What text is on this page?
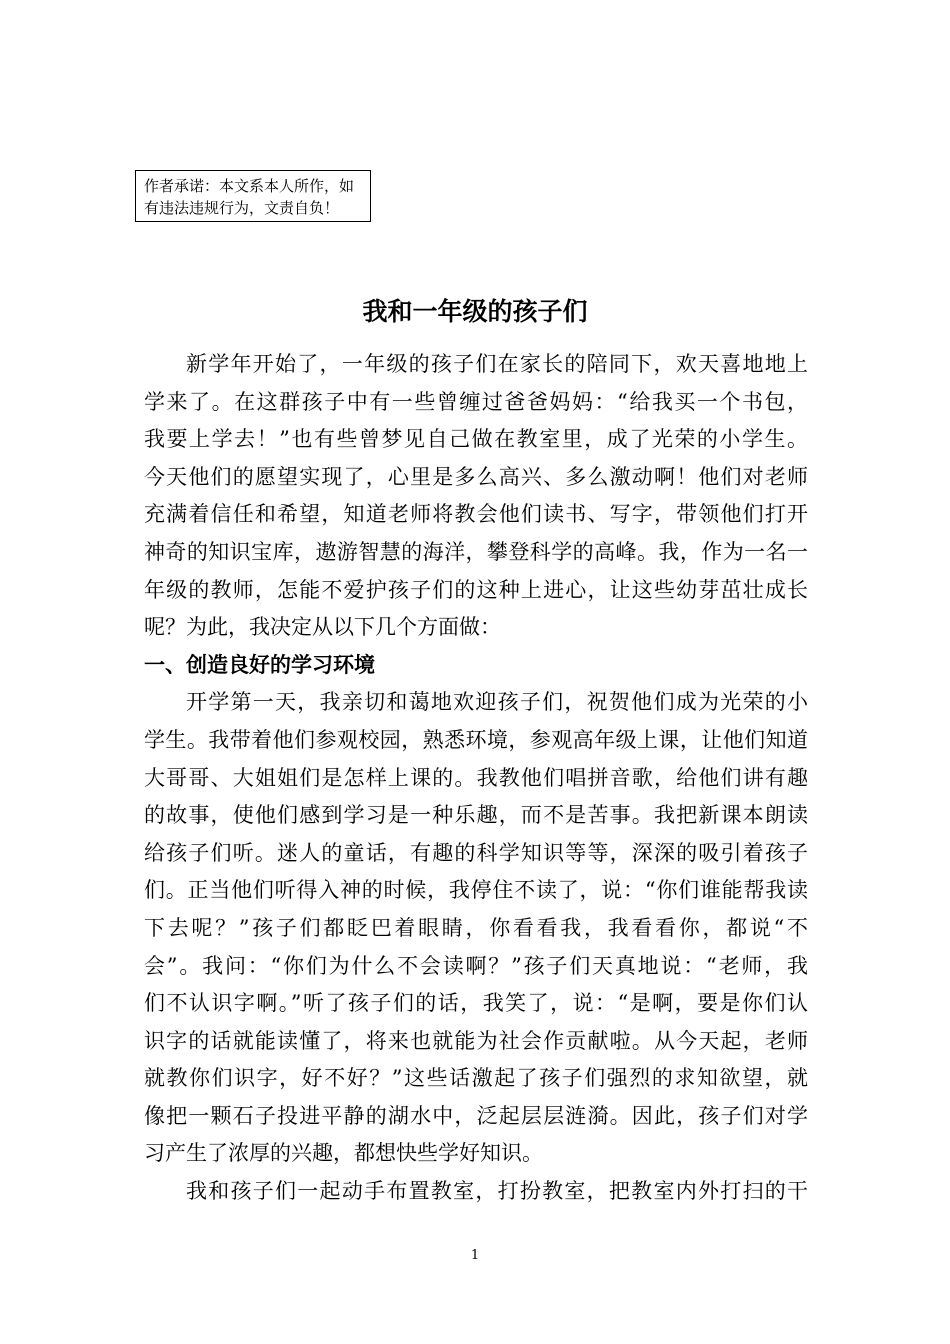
作者承诺：本文系本人所作，如
有违法违规行为，文责自负！
我和一年级的孩子们
新学年开始了，一年级的孩子们在家长的陪同下，欢天喜地地上
学来了。在这群孩子中有一些曾缠过爸爸妈妈：“给我买一个书包，
我要上学去！”也有些曾梦见自己做在教室里，成了光荣的小学生。
今天他们的愿望实现了，心里是多么高兴、多么激动啊！他们对老师
充满着信任和希望，知道老师将教会他们读书、写字，带领他们打开
神奇的知识宝库，遨游智慧的海洋，攀登科学的高峰。我，作为一名一
年级的教师，怎能不爱护孩子们的这种上进心，让这些幼芽茁壮成长
呢？为此，我决定从以下几个方面做：
一、创造良好的学习环境
开学第一天，我亲切和蔼地欢迎孩子们，祝贺他们成为光荣的小
学生。我带着他们参观校园，熟悉环境，参观高年级上课，让他们知道
大哥哥、大姐姐们是怎样上课的。我教他们唱拼音歌，给他们讲有趣
的故事，使他们感到学习是一种乐趣，而不是苦事。我把新课本朗读
给孩子们听。迷人的童话，有趣的科学知识等等，深深的吸引着孩子
们。正当他们听得入神的时候，我停住不读了，说：“你们谁能帮我读
下去呢？”孩子们都眨巴着眼睛，你看看我，我看看你，都说“不
会”。我问：“你们为什么不会读啊？”孩子们天真地说：“老师，我
们不认识字啊。”听了孩子们的话，我笑了，说：“是啊，要是你们认
识字的话就能读懂了，将来也就能为社会作贡献啦。从今天起，老师
就教你们识字，好不好？”这些话激起了孩子们强烈的求知欲望，就
像把一颗石子投进平静的湖水中，泛起层层涟漪。因此，孩子们对学
习产生了浓厚的兴趣，都想快些学好知识。
我和孩子们一起动手布置教室，打扮教室，把教室内外打扫的干
1
